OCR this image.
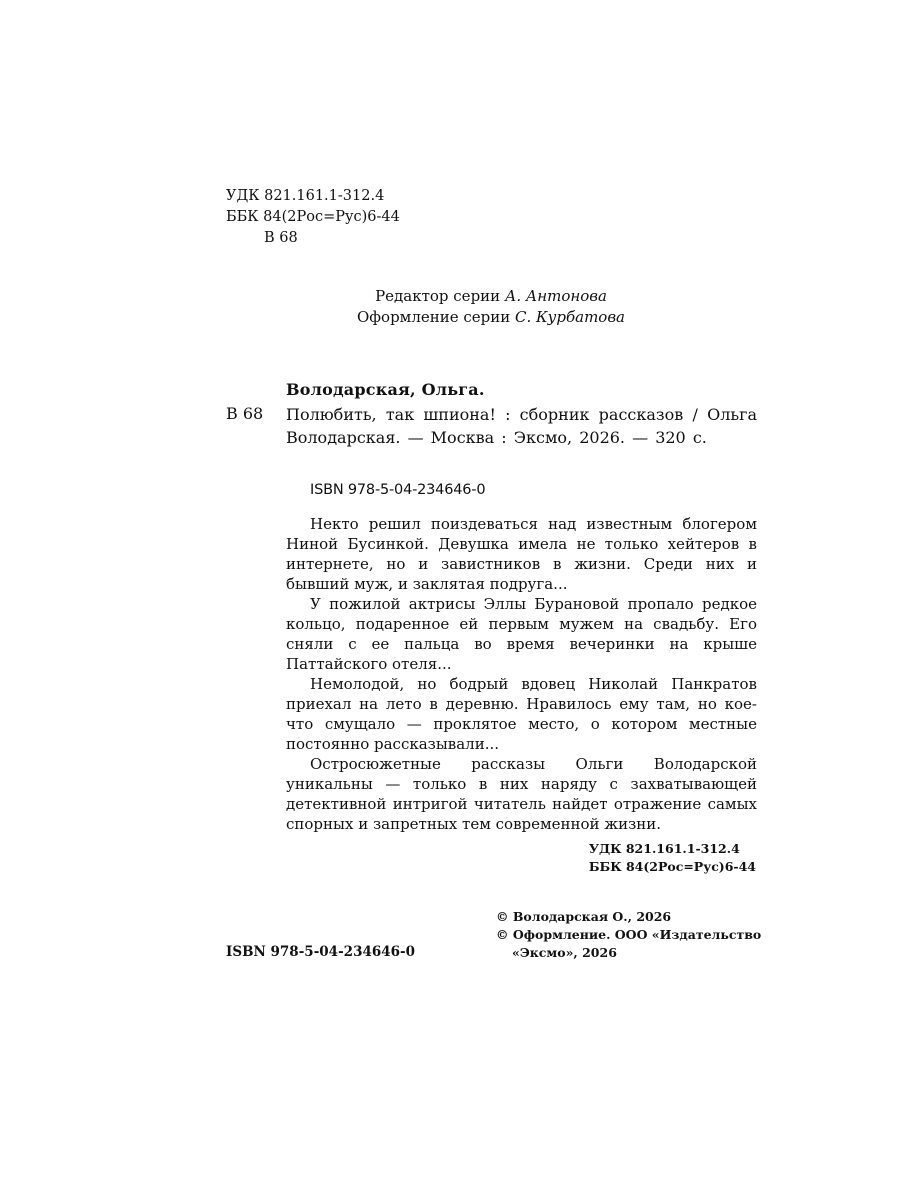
УДК 821.161.1-312.4
ББК 84(2Рос=Рус)6-44

В 68
Редактор серии А. Антонова
Оформление серии С. Курбатова
Володарская, Ольга.
В 68 Полюбить, так шпиона! : сборник рассказов / Ольга Володарская. — Москва : Эксмо, 2026. — 320 с.
ISBN 978-5-04-234646-0

Некто решил поиздеваться над известным блогером Ниной Бусинкой. Девушка имела не только хейтеров в интернете, но и завистников в жизни. Среди них и бывший муж, и заклятая подруга...

У пожилой актрисы Эллы Бурановой пропало редкое кольцо, подаренное ей первым мужем на свадьбу. Его сняли с ее пальца во время вечеринки на крыше Паттайского отеля...

Немолодой, но бодрый вдовец Николай Панкратов приехал на лето в деревню. Нравилось ему там, но кое-что смущало — проклятое место, о котором местные постоянно рассказывали...

Остросюжетные рассказы Ольги Володарской уникальны — только в них наряду с захватывающей детективной интригой читатель найдет отражение самых спорных и запретных тем современной жизни.

УДК 821.161.1-312.4
ББК 84(2Рос=Рус)6-44
© Володарская О., 2026
© Оформление. ООО «Издательство

«Эксмо», 2026
ISBN 978-5-04-234646-0
